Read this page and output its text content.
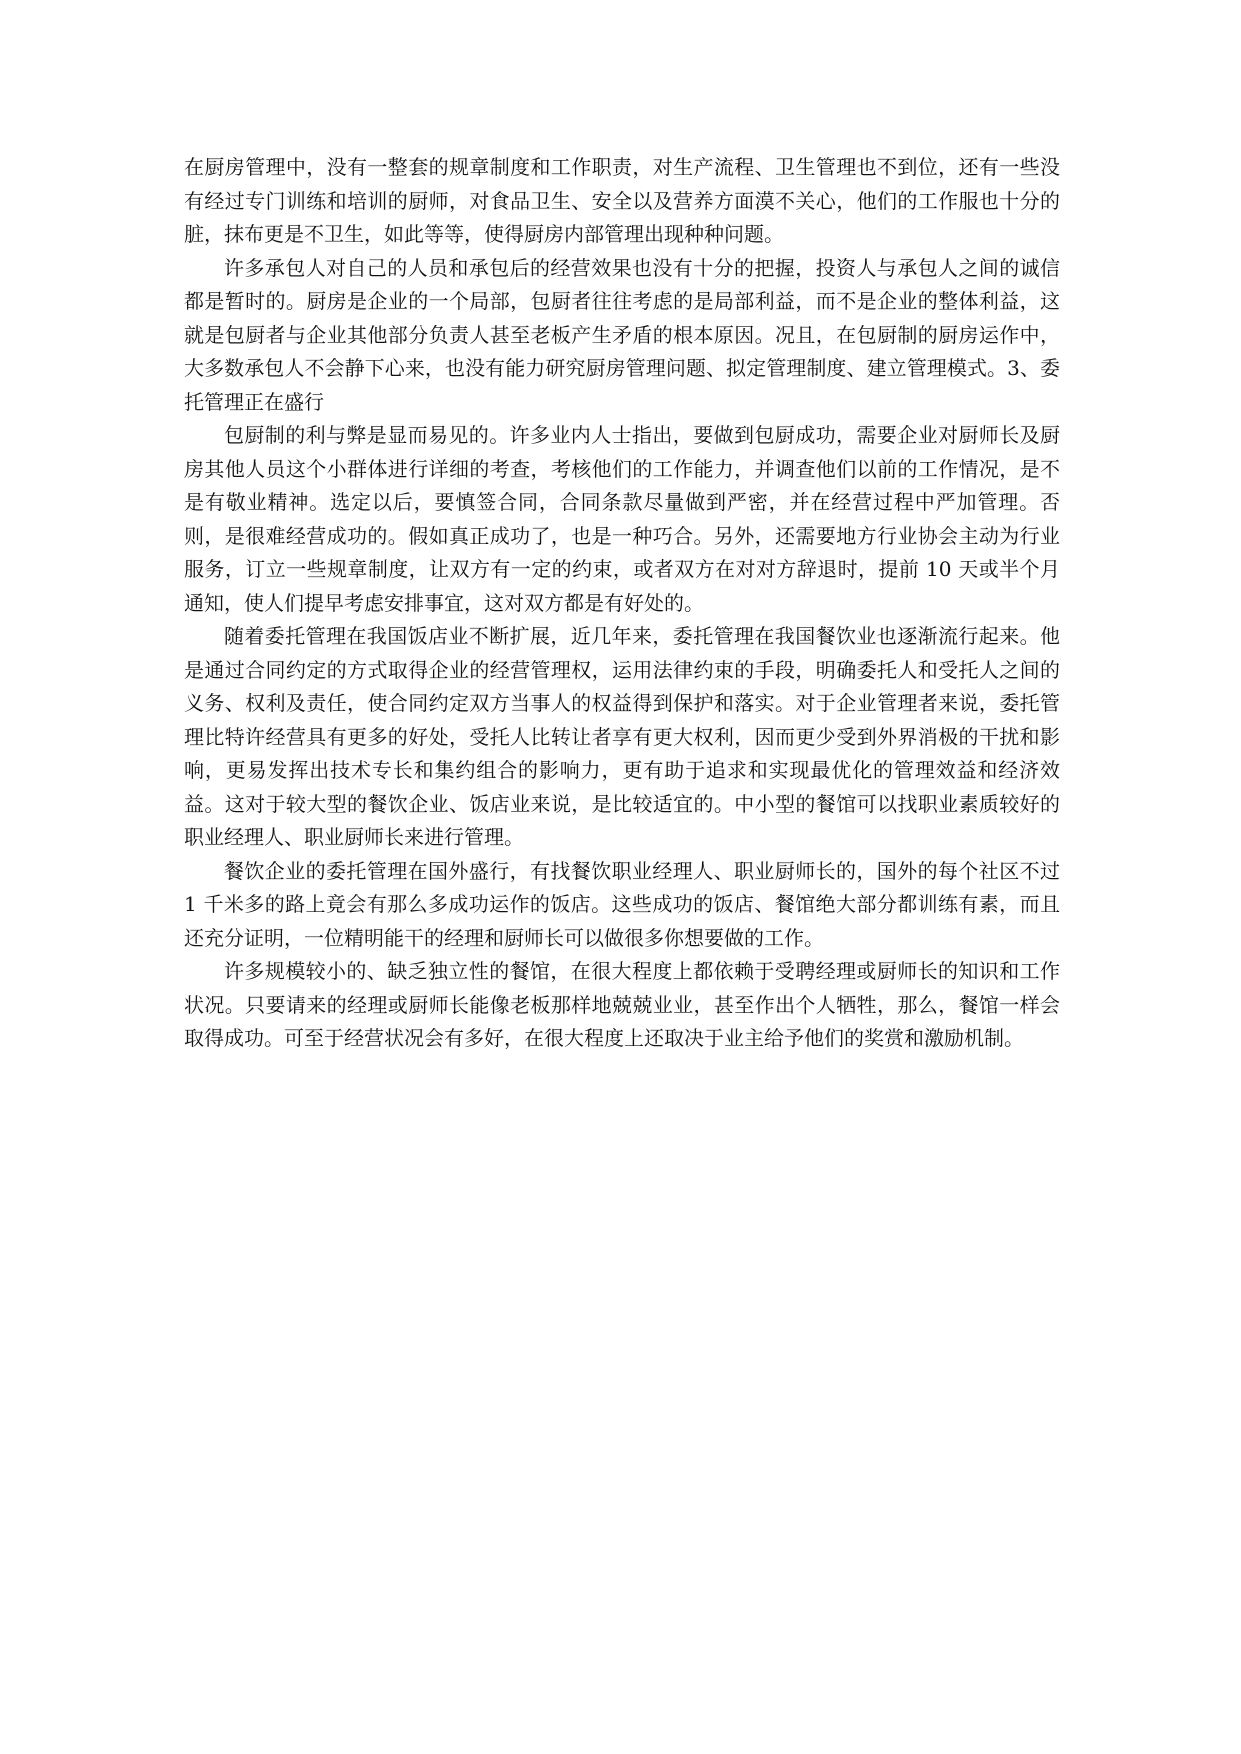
在厨房管理中，没有一整套的规章制度和工作职责，对生产流程、卫生管理也不到位，还有一些没有经过专门训练和培训的厨师，对食品卫生、安全以及营养方面漠不关心，他们的工作服也十分的脏，抹布更是不卫生，如此等等，使得厨房内部管理出现种种问题。

许多承包人对自己的人员和承包后的经营效果也没有十分的把握，投资人与承包人之间的诚信都是暂时的。厨房是企业的一个局部，包厨者往往考虑的是局部利益，而不是企业的整体利益，这就是包厨者与企业其他部分负责人甚至老板产生矛盾的根本原因。况且，在包厨制的厨房运作中，大多数承包人不会静下心来，也没有能力研究厨房管理问题、拟定管理制度、建立管理模式。3、委托管理正在盛行

包厨制的利与弊是显而易见的。许多业内人士指出，要做到包厨成功，需要企业对厨师长及厨房其他人员这个小群体进行详细的考查，考核他们的工作能力，并调查他们以前的工作情况，是不是有敬业精神。选定以后，要慎签合同，合同条款尽量做到严密，并在经营过程中严加管理。否则，是很难经营成功的。假如真正成功了，也是一种巧合。另外，还需要地方行业协会主动为行业服务，订立一些规章制度，让双方有一定的约束，或者双方在对对方辞退时，提前 10 天或半个月通知，使人们提早考虑安排事宜，这对双方都是有好处的。

随着委托管理在我国饭店业不断扩展，近几年来，委托管理在我国餐饮业也逐渐流行起来。他是通过合同约定的方式取得企业的经营管理权，运用法律约束的手段，明确委托人和受托人之间的义务、权利及责任，使合同约定双方当事人的权益得到保护和落实。对于企业管理者来说，委托管理比特许经营具有更多的好处，受托人比转让者享有更大权利，因而更少受到外界消极的干扰和影响，更易发挥出技术专长和集约组合的影响力，更有助于追求和实现最优化的管理效益和经济效益。这对于较大型的餐饮企业、饭店业来说，是比较适宜的。中小型的餐馆可以找职业素质较好的职业经理人、职业厨师长来进行管理。

餐饮企业的委托管理在国外盛行，有找餐饮职业经理人、职业厨师长的，国外的每个社区不过 1 千米多的路上竟会有那么多成功运作的饭店。这些成功的饭店、餐馆绝大部分都训练有素，而且还充分证明，一位精明能干的经理和厨师长可以做很多你想要做的工作。

许多规模较小的、缺乏独立性的餐馆，在很大程度上都依赖于受聘经理或厨师长的知识和工作状况。只要请来的经理或厨师长能像老板那样地兢兢业业，甚至作出个人牺牲，那么，餐馆一样会取得成功。可至于经营状况会有多好，在很大程度上还取决于业主给予他们的奖赏和激励机制。
